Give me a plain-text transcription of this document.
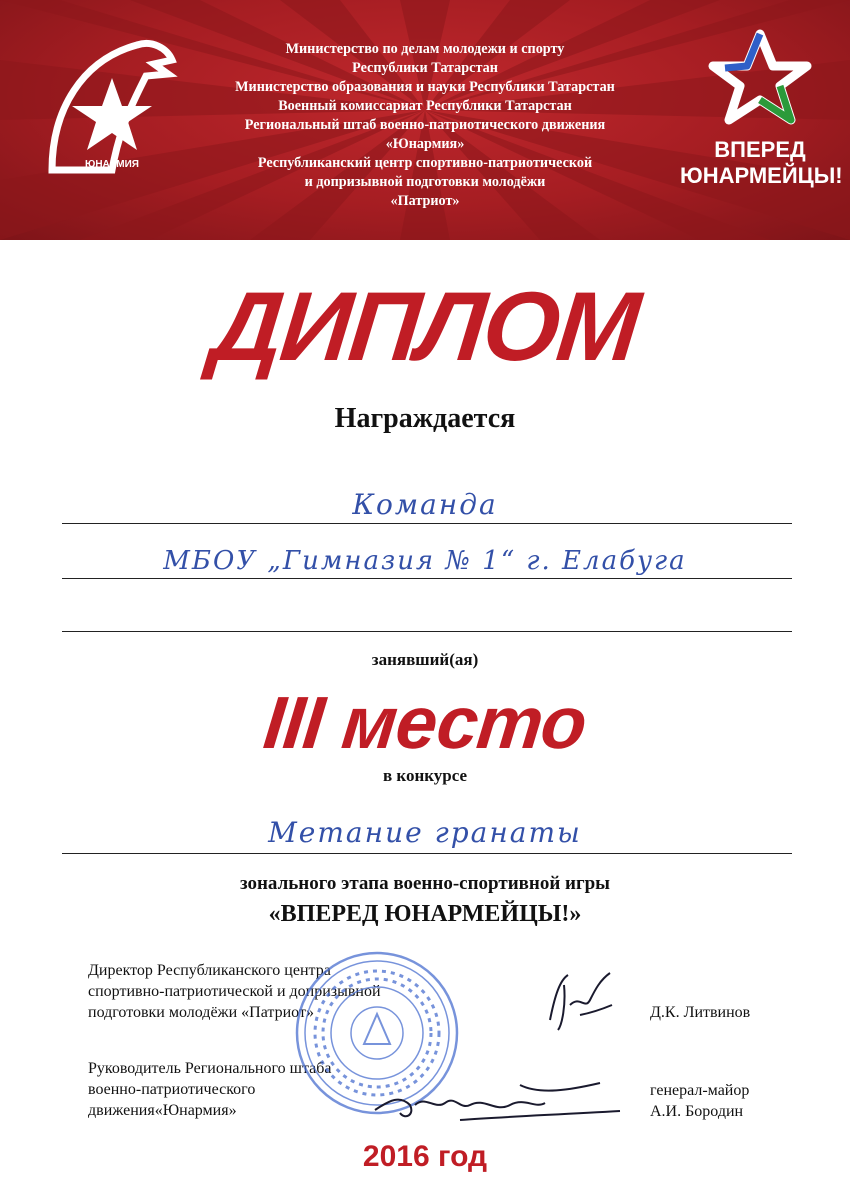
ЮНАРМИЯ
Министерство по делам молодежи и спорту
Республики Татарстан
Министерство образования и науки Республики Татарстан
Военный комиссариат Республики Татарстан
Региональный штаб военно-патриотического движения
«Юнармия»
Республиканский центр спортивно-патриотической
и допризывной подготовки молодёжи
«Патриот»
ВПЕРЕД
ЮНАРМЕЙЦЫ!
ДИПЛОМ
Награждается
Команда
МБОУ „Гимназия № 1“ г. Елабуга
занявший(ая)
III место
в конкурсе
Метание гранаты
зонального этапа военно-спортивной игры
«ВПЕРЕД ЮНАРМЕЙЦЫ!»
Директор Республиканского центра
спортивно-патриотической и допризывной
подготовки молодёжи «Патриот»	Д.К. Литвинов
Руководитель Регионального штаба
военно-патриотического
движения«Юнармия»
генерал-майор
А.И. Бородин
2016 год
